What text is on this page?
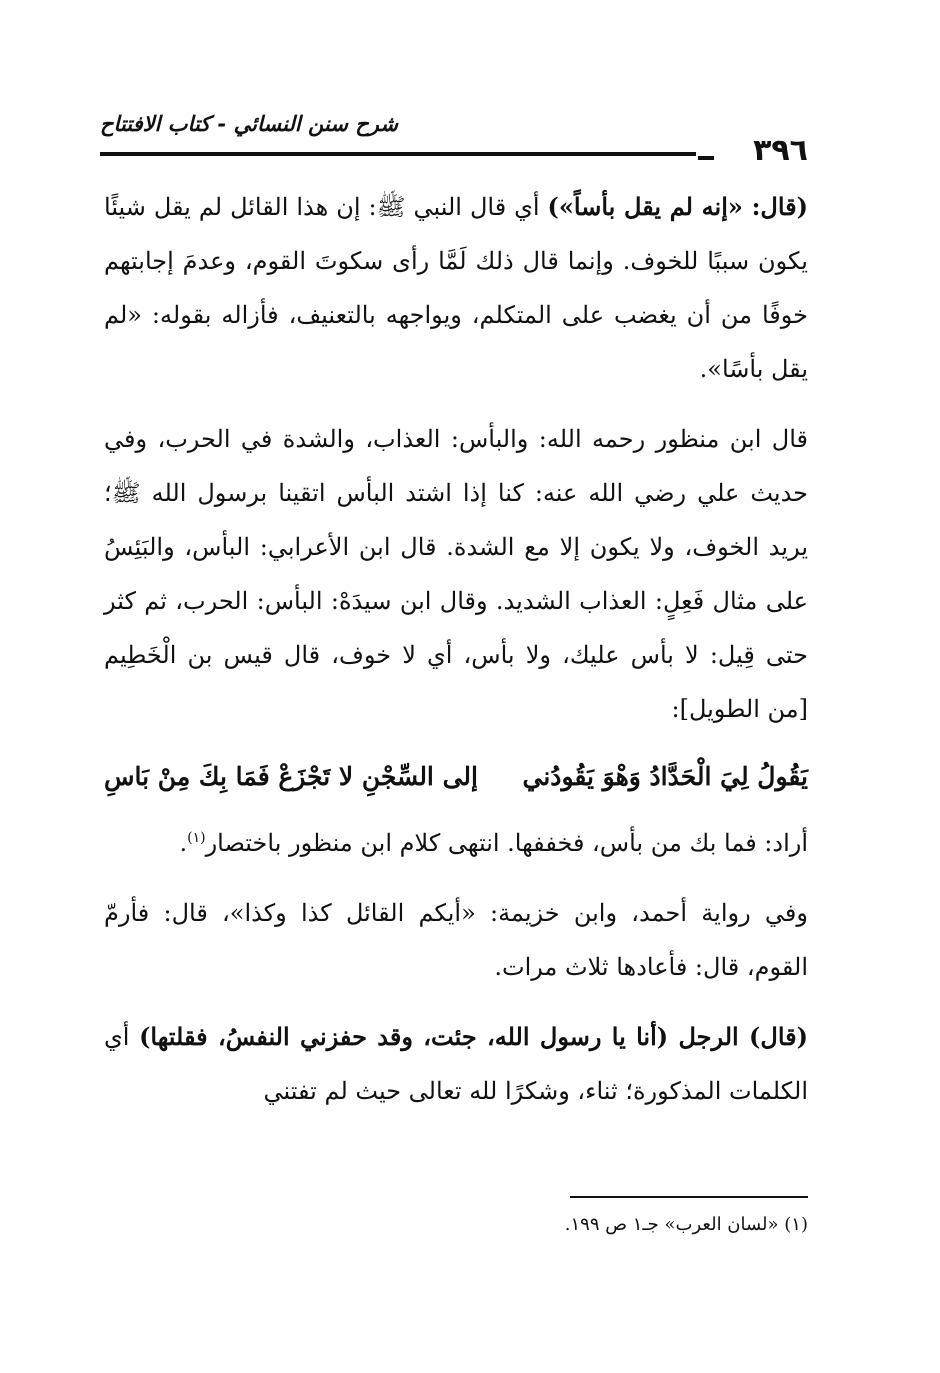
٣٩٦
شرح سنن النسائي - كتاب الافتتاح

(قال: «إنه لم يقل بأساً») أي قال النبي ﷺ: إن هذا القائل لم يقل شيئًا يكون سببًا للخوف. وإنما قال ذلك لَمَّا رأى سكوتَ القوم، وعدمَ إجابتهم خوفًا من أن يغضب على المتكلم، ويواجهه بالتعنيف، فأزاله بقوله: «لم يقل بأسًا».

قال ابن منظور رحمه الله: والبأس: العذاب، والشدة في الحرب، وفي حديث علي رضي الله عنه: كنا إذا اشتد البأس اتقينا برسول الله ﷺ؛ يريد الخوف، ولا يكون إلا مع الشدة. قال ابن الأعرابي: البأس، والبَئِسُ على مثال فَعِلٍ: العذاب الشديد. وقال ابن سيدَهْ: البأس: الحرب، ثم كثر حتى قِيل: لا بأس عليك، ولا بأس، أي لا خوف، قال قيس بن الْخَطِيم [من الطويل]:

يَقُولُ لِيَ الْحَدَّادُ وَهْوَ يَقُودُني
إلى السِّجْنِ لا تَجْزَعْ فَمَا بِكَ مِنْ بَاسِ

أراد: فما بك من بأس، فخففها. انتهى كلام ابن منظور باختصار$^{(١)}$.

وفي رواية أحمد، وابن خزيمة: «أيكم القائل كذا وكذا»، قال: فأرمّ القوم، قال: فأعادها ثلاث مرات.

(قال) الرجل (أنا يا رسول الله، جئت، وقد حفزني النفسُ، فقلتها) أي الكلمات المذكورة؛ ثناء، وشكرًا لله تعالى حيث لم تفتني

(١) «لسان العرب» جـ١ ص ١٩٩.
